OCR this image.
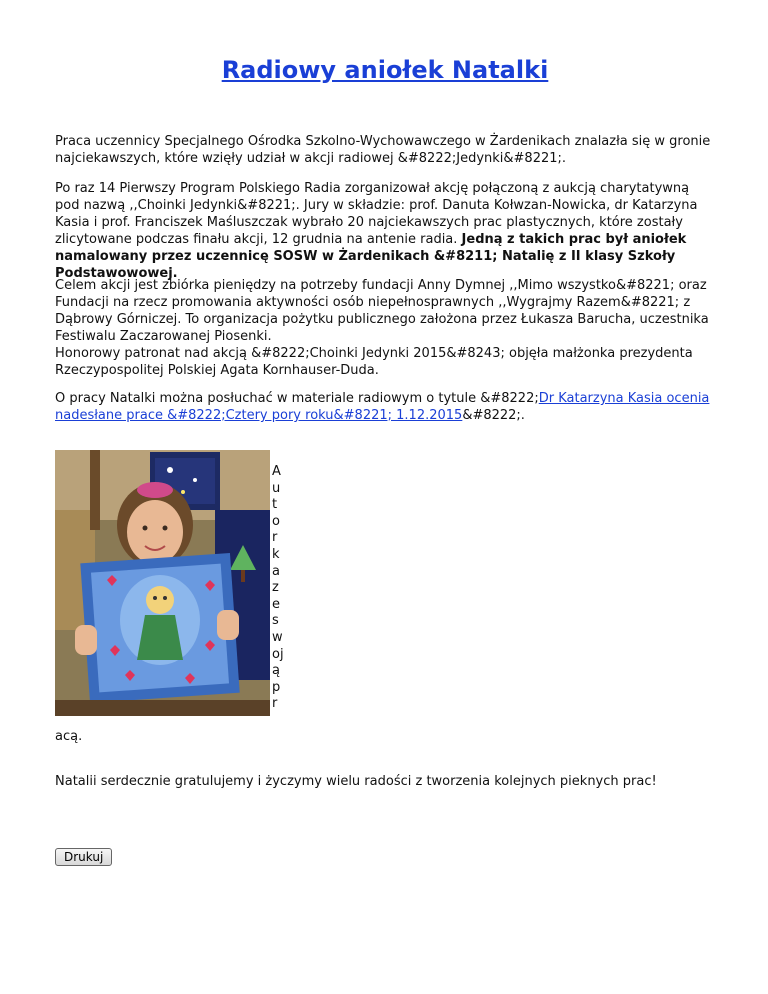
Radiowy aniołek Natalki

Praca uczennicy Specjalnego Ośrodka Szkolno-Wychowawczego w Żardenikach znalazła się w gronie najciekawszych, które wzięły udział w akcji radiowej &#8222;Jedynki&#8221;.

Po raz 14 Pierwszy Program Polskiego Radia zorganizował akcję połączoną z aukcją charytatywną pod nazwą ,,Choinki Jedynki&#8221;. Jury w składzie: prof. Danuta Kołwzan-Nowicka, dr Katarzyna Kasia i prof. Franciszek Maśluszczak wybrało 20 najciekawszych prac plastycznych, które zostały zlicytowane podczas finału akcji, 12 grudnia na antenie radia. Jedną z takich prac był aniołek namalowany przez uczennicę SOSW w Żardenikach &#8211; Natalię z II klasy Szkoły Podstawowowej.

Celem akcji jest zbiórka pieniędzy na potrzeby fundacji Anny Dymnej ,,Mimo wszystko&#8221; oraz Fundacji na rzecz promowania aktywności osób niepełnosprawnych ,,Wygrajmy Razem&#8221; z Dąbrowy Górniczej. To organizacja pożytku publicznego założona przez Łukasza Barucha, uczestnika Festiwalu Zaczarowanej Piosenki.
Honorowy patronat nad akcją &#8222;Choinki Jedynki 2015&#8243; objęła małżonka prezydenta Rzeczypospolitej Polskiej Agata Kornhauser-Duda.

O pracy Natalki można posłuchać w materiale radiowym o tytule &#8222;Dr Katarzyna Kasia ocenia nadesłane prace &#8222;Cztery pory roku&#8221; 1.12.2015&#8222;.

Autorka ze swoją pr
acą.

Natalii serdecznie gratulujemy i życzymy wielu radości z tworzenia kolejnych pieknych prac!

Drukuj
